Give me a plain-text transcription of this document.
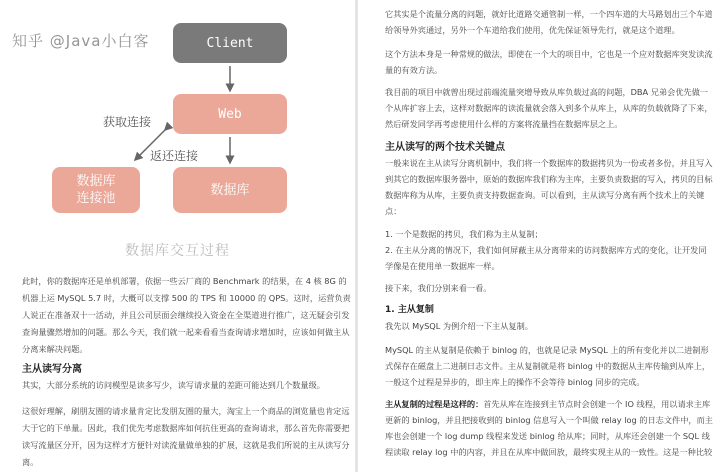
Client
Web
数据库
连接池
数据库
获取连接
返还连接
数据库交互过程
此时，你的数据库还是单机部署，依据一些云厂商的 Benchmark 的结果，在 4 核 8G 的
机器上运 MySQL 5.7 时，大概可以支撑 500 的 TPS 和 10000 的 QPS。这时，运营负责
人说正在准备双十一活动，并且公司层面会继续投入资金在全渠道进行推广，这无疑会引发
查询量骤然增加的问题。那么今天，我们就一起来看看当查询请求增加时，应该如何做主从
分离来解决问题。
主从读写分离
其实，大部分系统的访问模型是读多写少，读写请求量的差距可能达到几个数量级。
这很好理解，刷朋友圈的请求量肯定比发朋友圈的量大，淘宝上一个商品的浏览量也肯定远
大于它的下单量。因此，我们优先考虑数据库如何抗住更高的查询请求，那么首先你需要把
读写流量区分开，因为这样才方便针对读流量做单独的扩展，这就是我们所说的主从读写分
离。
它其实是个流量分离的问题，就好比道路交通管制一样，一个四车道的大马路划出三个车道
给领导外宾通过，另外一个车道给我们使用，优先保证领导先行，就是这个道理。
这个方法本身是一种常规的做法，即使在一个大的项目中，它也是一个应对数据库突发读流
量的有效方法。
我目前的项目中就曾出现过前端流量突增导致从库负载过高的问题，DBA 兄弟会优先做一
个从库扩容上去，这样对数据库的读流量就会落入到多个从库上，从库的负载就降了下来，
然后研发同学再考虑使用什么样的方案将流量挡在数据库层之上。
主从读写的两个技术关键点
一般来说在主从读写分离机制中，我们将一个数据库的数据拷贝为一份或者多份，并且写入
到其它的数据库服务器中，原始的数据库我们称为主库，主要负责数据的写入，拷贝的目标
数据库称为从库，主要负责支持数据查询。可以看到，主从读写分离有两个技术上的关键
点：
1. 一个是数据的拷贝，我们称为主从复制；
2. 在主从分离的情况下，我们如何屏蔽主从分离带来的访问数据库方式的变化，让开发同
学像是在使用单一数据库一样。
接下来，我们分别来看一看。
1. 主从复制
我先以 MySQL 为例介绍一下主从复制。
MySQL 的主从复制是依赖于 binlog 的，也就是记录 MySQL 上的所有变化并以二进制形
式保存在磁盘上二进制日志文件。主从复制就是将 binlog 中的数据从主库传输到从库上，
一般这个过程是异步的，即主库上的操作不会等待 binlog 同步的完成。
主从复制的过程是这样的：首先从库在连接到主节点时会创建一个 IO 线程，用以请求主库
更新的 binlog，并且把接收到的 binlog 信息写入一个叫做 relay log 的日志文件中，而主
库也会创建一个 log dump 线程来发送 binlog 给从库；同时，从库还会创建一个 SQL 线
程读取 relay log 中的内容，并且在从库中做回放，最终实现主从的一致性。这是一种比较
知乎 @Java小白客
